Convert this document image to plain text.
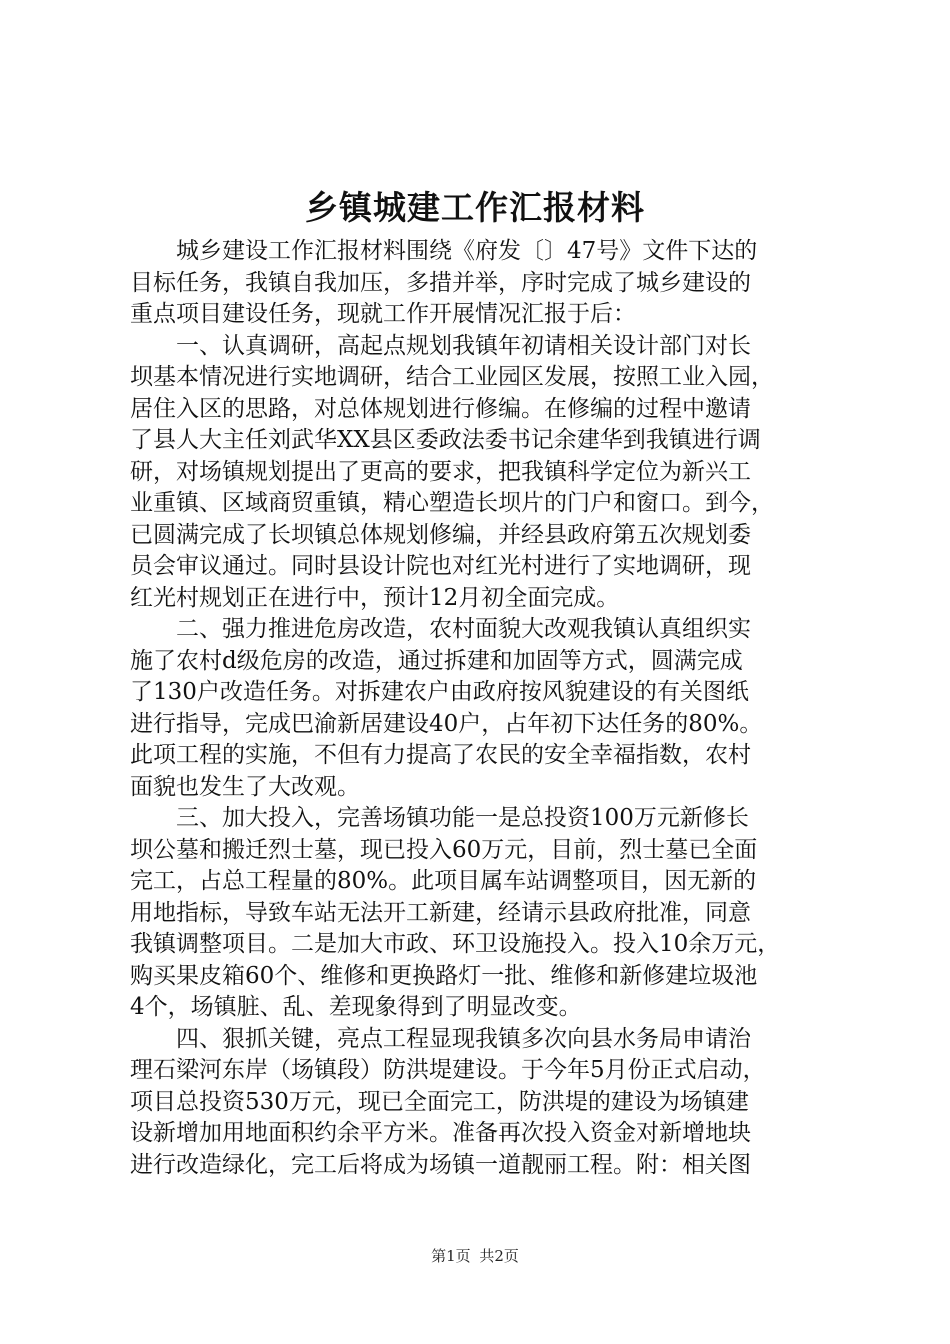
乡镇城建工作汇报材料

城乡建设工作汇报材料围绕《府发〔〕47号》文件下达的
目标任务，我镇自我加压，多措并举，序时完成了城乡建设的
重点项目建设任务，现就工作开展情况汇报于后：

一、认真调研，高起点规划我镇年初请相关设计部门对长
坝基本情况进行实地调研，结合工业园区发展，按照工业入园，
居住入区的思路，对总体规划进行修编。在修编的过程中邀请
了县人大主任刘武华XX县区委政法委书记余建华到我镇进行调
研，对场镇规划提出了更高的要求，把我镇科学定位为新兴工
业重镇、区域商贸重镇，精心塑造长坝片的门户和窗口。到今，
已圆满完成了长坝镇总体规划修编，并经县政府第五次规划委
员会审议通过。同时县设计院也对红光村进行了实地调研，现
红光村规划正在进行中，预计12月初全面完成。

二、强力推进危房改造，农村面貌大改观我镇认真组织实
施了农村d级危房的改造，通过拆建和加固等方式，圆满完成
了130户改造任务。对拆建农户由政府按风貌建设的有关图纸
进行指导，完成巴渝新居建设40户，占年初下达任务的80%。
此项工程的实施，不但有力提高了农民的安全幸福指数，农村
面貌也发生了大改观。

三、加大投入，完善场镇功能一是总投资100万元新修长
坝公墓和搬迁烈士墓，现已投入60万元，目前，烈士墓已全面
完工，占总工程量的80%。此项目属车站调整项目，因无新的
用地指标，导致车站无法开工新建，经请示县政府批准，同意
我镇调整项目。二是加大市政、环卫设施投入。投入10余万元，
购买果皮箱60个、维修和更换路灯一批、维修和新修建垃圾池
4个，场镇脏、乱、差现象得到了明显改变。

四、狠抓关键，亮点工程显现我镇多次向县水务局申请治
理石梁河东岸（场镇段）防洪堤建设。于今年5月份正式启动，
项目总投资530万元，现已全面完工，防洪堤的建设为场镇建
设新增加用地面积约余平方米。准备再次投入资金对新增地块
进行改造绿化，完工后将成为场镇一道靓丽工程。附：相关图

第1页 共2页
